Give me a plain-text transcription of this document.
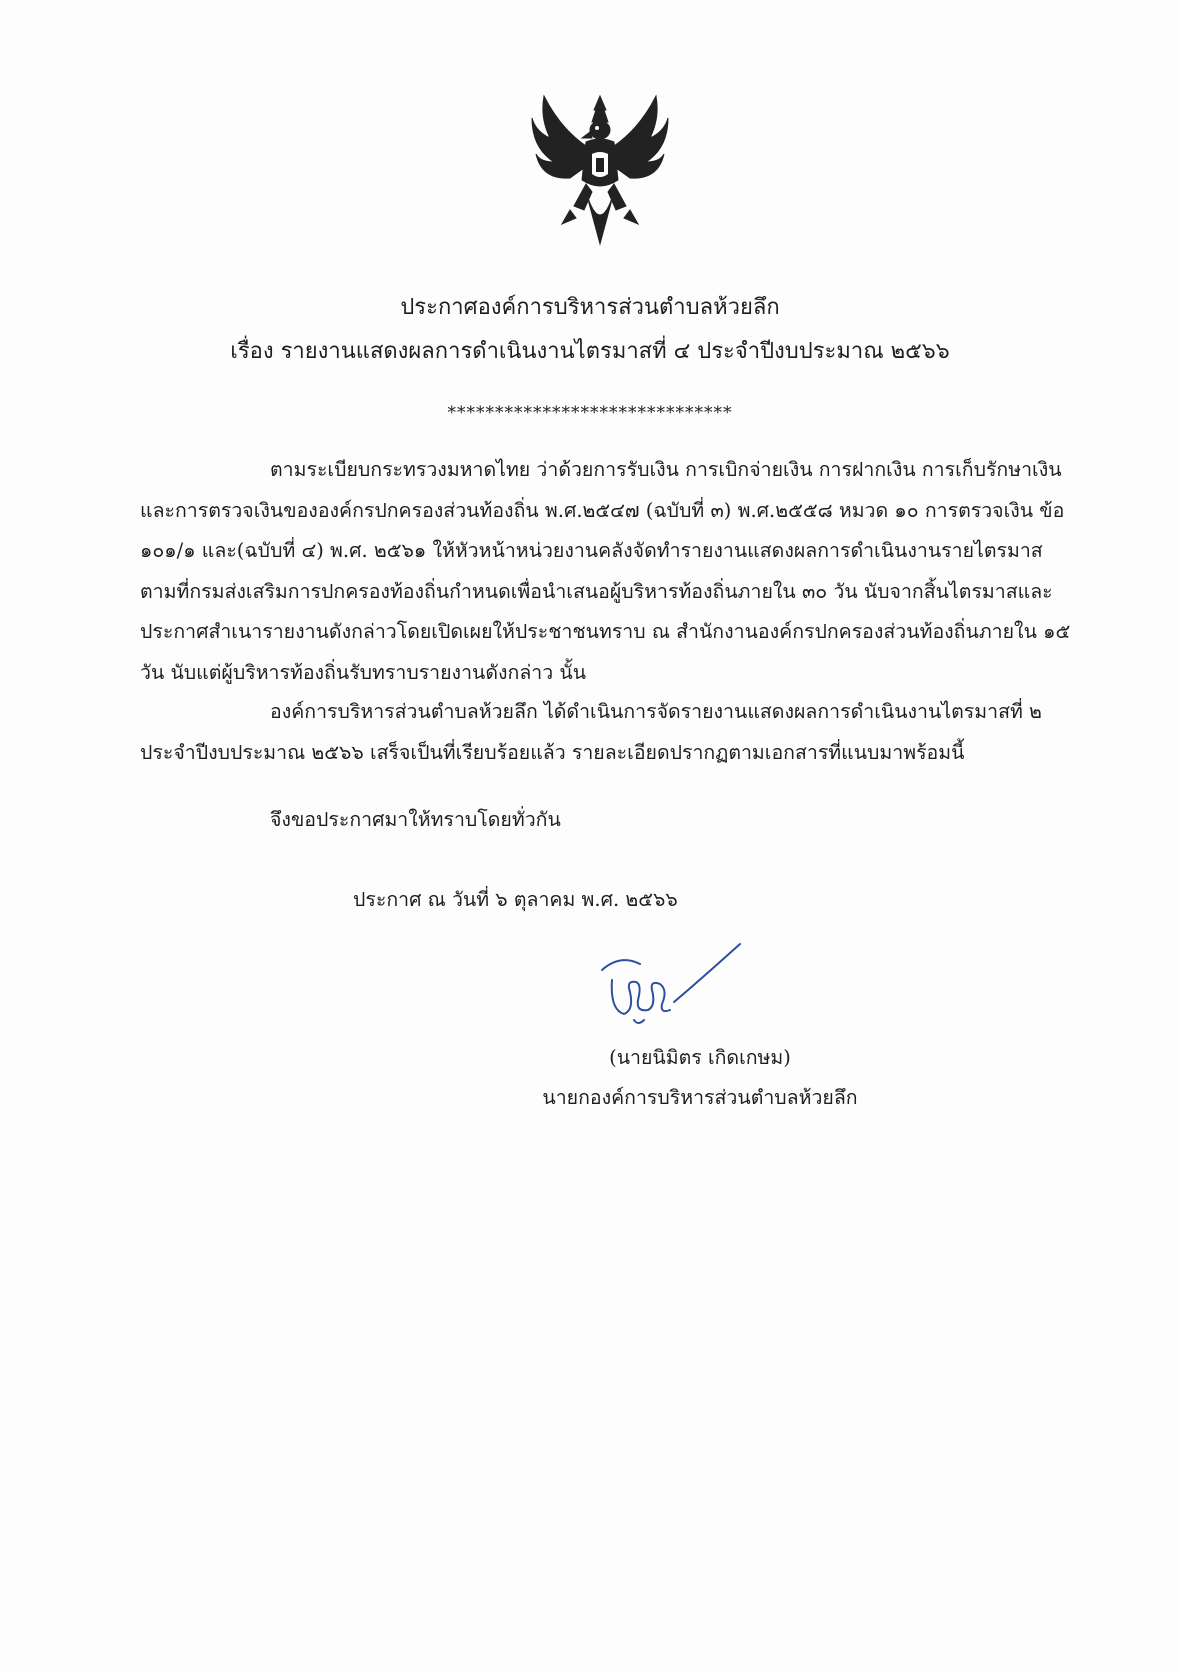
ประกาศองค์การบริหารส่วนตำบลห้วยลึก
เรื่อง รายงานแสดงผลการดำเนินงานไตรมาสที่ ๔ ประจำปีงบประมาณ ๒๕๖๖
******************************
ตามระเบียบกระทรวงมหาดไทย ว่าด้วยการรับเงิน การเบิกจ่ายเงิน การฝากเงิน การเก็บรักษาเงิน
และการตรวจเงินขององค์กรปกครองส่วนท้องถิ่น พ.ศ.๒๕๔๗ (ฉบับที่ ๓) พ.ศ.๒๕๕๘ หมวด ๑๐ การตรวจเงิน ข้อ
๑๐๑/๑ และ(ฉบับที่ ๔) พ.ศ. ๒๕๖๑ ให้หัวหน้าหน่วยงานคลังจัดทำรายงานแสดงผลการดำเนินงานรายไตรมาส
ตามที่กรมส่งเสริมการปกครองท้องถิ่นกำหนดเพื่อนำเสนอผู้บริหารท้องถิ่นภายใน ๓๐ วัน นับจากสิ้นไตรมาสและ
ประกาศสำเนารายงานดังกล่าวโดยเปิดเผยให้ประชาชนทราบ ณ สำนักงานองค์กรปกครองส่วนท้องถิ่นภายใน ๑๕
วัน นับแต่ผู้บริหารท้องถิ่นรับทราบรายงานดังกล่าว นั้น
องค์การบริหารส่วนตำบลห้วยลึก ได้ดำเนินการจัดรายงานแสดงผลการดำเนินงานไตรมาสที่ ๒
ประจำปีงบประมาณ ๒๕๖๖ เสร็จเป็นที่เรียบร้อยแล้ว รายละเอียดปรากฏตามเอกสารที่แนบมาพร้อมนี้
จึงขอประกาศมาให้ทราบโดยทั่วกัน
ประกาศ ณ วันที่ ๖ ตุลาคม พ.ศ. ๒๕๖๖
(นายนิมิตร เกิดเกษม)
นายกองค์การบริหารส่วนตำบลห้วยลึก
